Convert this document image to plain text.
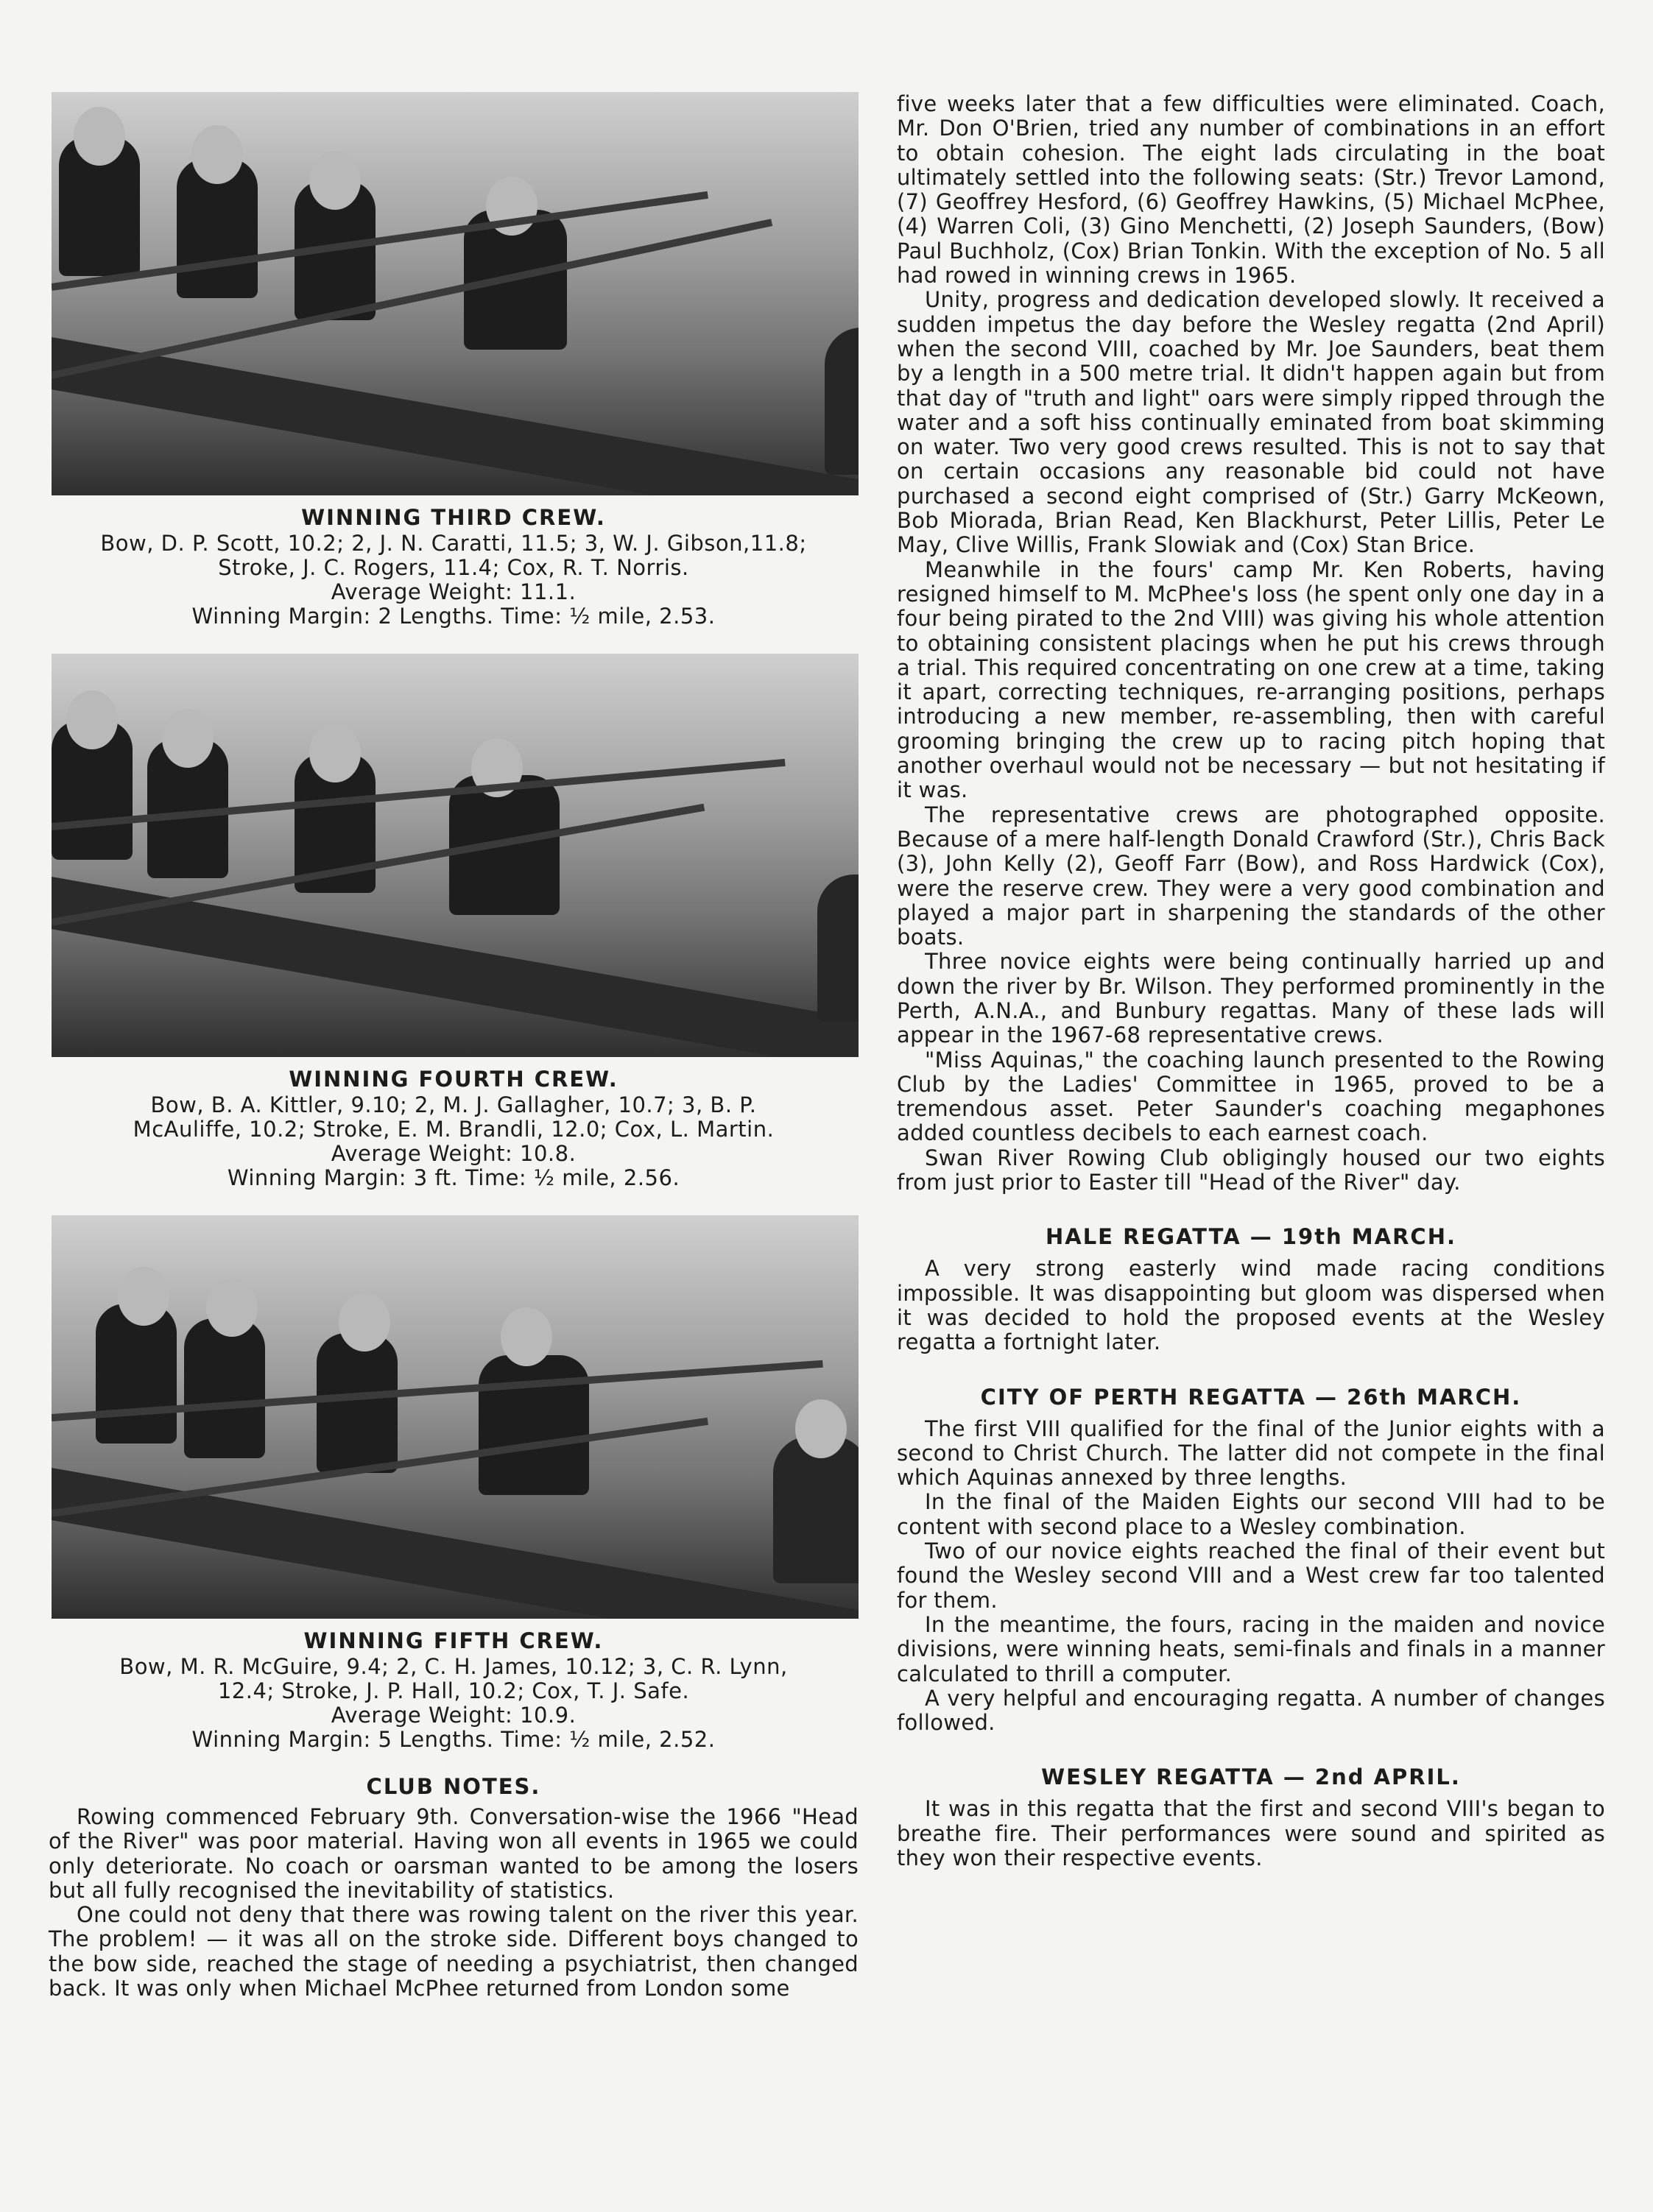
WINNING THIRD CREW.
Bow, D. P. Scott, 10.2; 2, J. N. Caratti, 11.5; 3, W. J. Gibson,11.8;
Stroke, J. C. Rogers, 11.4; Cox, R. T. Norris.
Average Weight: 11.1.
Winning Margin: 2 Lengths. Time: ½ mile, 2.53.
WINNING FOURTH CREW.
Bow, B. A. Kittler, 9.10; 2, M. J. Gallagher, 10.7; 3, B. P.
McAuliffe, 10.2; Stroke, E. M. Brandli, 12.0; Cox, L. Martin.
Average Weight: 10.8.
Winning Margin: 3 ft. Time: ½ mile, 2.56.
WINNING FIFTH CREW.
Bow, M. R. McGuire, 9.4; 2, C. H. James, 10.12; 3, C. R. Lynn,
12.4; Stroke, J. P. Hall, 10.2; Cox, T. J. Safe.
Average Weight: 10.9.
Winning Margin: 5 Lengths. Time: ½ mile, 2.52.
CLUB NOTES.

Rowing commenced February 9th. Conversation-wise the 1966 "Head of the River" was poor material. Having won all events in 1965 we could only deteriorate. No coach or oarsman wanted to be among the losers but all fully recognised the inevitability of statistics.

One could not deny that there was rowing talent on the river this year. The problem! — it was all on the stroke side. Different boys changed to the bow side, reached the stage of needing a psychiatrist, then changed back. It was only when Michael McPhee returned from London some

five weeks later that a few difficulties were eliminated. Coach, Mr. Don O'Brien, tried any number of combinations in an effort to obtain cohesion. The eight lads circulating in the boat ultimately settled into the following seats: (Str.) Trevor Lamond, (7) Geoffrey Hesford, (6) Geoffrey Hawkins, (5) Michael McPhee, (4) Warren Coli, (3) Gino Menchetti, (2) Joseph Saunders, (Bow) Paul Buchholz, (Cox) Brian Tonkin. With the exception of No. 5 all had rowed in winning crews in 1965.

Unity, progress and dedication developed slowly. It received a sudden impetus the day before the Wesley regatta (2nd April) when the second VIII, coached by Mr. Joe Saunders, beat them by a length in a 500 metre trial. It didn't happen again but from that day of "truth and light" oars were simply ripped through the water and a soft hiss continually eminated from boat skimming on water. Two very good crews resulted. This is not to say that on certain occasions any reasonable bid could not have purchased a second eight comprised of (Str.) Garry McKeown, Bob Miorada, Brian Read, Ken Blackhurst, Peter Lillis, Peter Le May, Clive Willis, Frank Slowiak and (Cox) Stan Brice.

Meanwhile in the fours' camp Mr. Ken Roberts, having resigned himself to M. McPhee's loss (he spent only one day in a four being pirated to the 2nd VIII) was giving his whole attention to obtaining consistent placings when he put his crews through a trial. This required concentrating on one crew at a time, taking it apart, correcting techniques, re-arranging positions, perhaps introducing a new member, re-assembling, then with careful grooming bringing the crew up to racing pitch hoping that another overhaul would not be necessary — but not hesitating if it was.

The representative crews are photographed opposite. Because of a mere half-length Donald Crawford (Str.), Chris Back (3), John Kelly (2), Geoff Farr (Bow), and Ross Hardwick (Cox), were the reserve crew. They were a very good combination and played a major part in sharpening the standards of the other boats.

Three novice eights were being continually harried up and down the river by Br. Wilson. They performed prominently in the Perth, A.N.A., and Bunbury regattas. Many of these lads will appear in the 1967-68 representative crews.

"Miss Aquinas," the coaching launch presented to the Rowing Club by the Ladies' Committee in 1965, proved to be a tremendous asset. Peter Saunder's coaching megaphones added countless decibels to each earnest coach.

Swan River Rowing Club obligingly housed our two eights from just prior to Easter till "Head of the River" day.

HALE REGATTA — 19th MARCH.

A very strong easterly wind made racing conditions impossible. It was disappointing but gloom was dispersed when it was decided to hold the proposed events at the Wesley regatta a fortnight later.

CITY OF PERTH REGATTA — 26th MARCH.

The first VIII qualified for the final of the Junior eights with a second to Christ Church. The latter did not compete in the final which Aquinas annexed by three lengths.

In the final of the Maiden Eights our second VIII had to be content with second place to a Wesley combination.

Two of our novice eights reached the final of their event but found the Wesley second VIII and a West crew far too talented for them.

In the meantime, the fours, racing in the maiden and novice divisions, were winning heats, semi-finals and finals in a manner calculated to thrill a computer.

A very helpful and encouraging regatta. A number of changes followed.

WESLEY REGATTA — 2nd APRIL.

It was in this regatta that the first and second VIII's began to breathe fire. Their performances were sound and spirited as they won their respective events.
